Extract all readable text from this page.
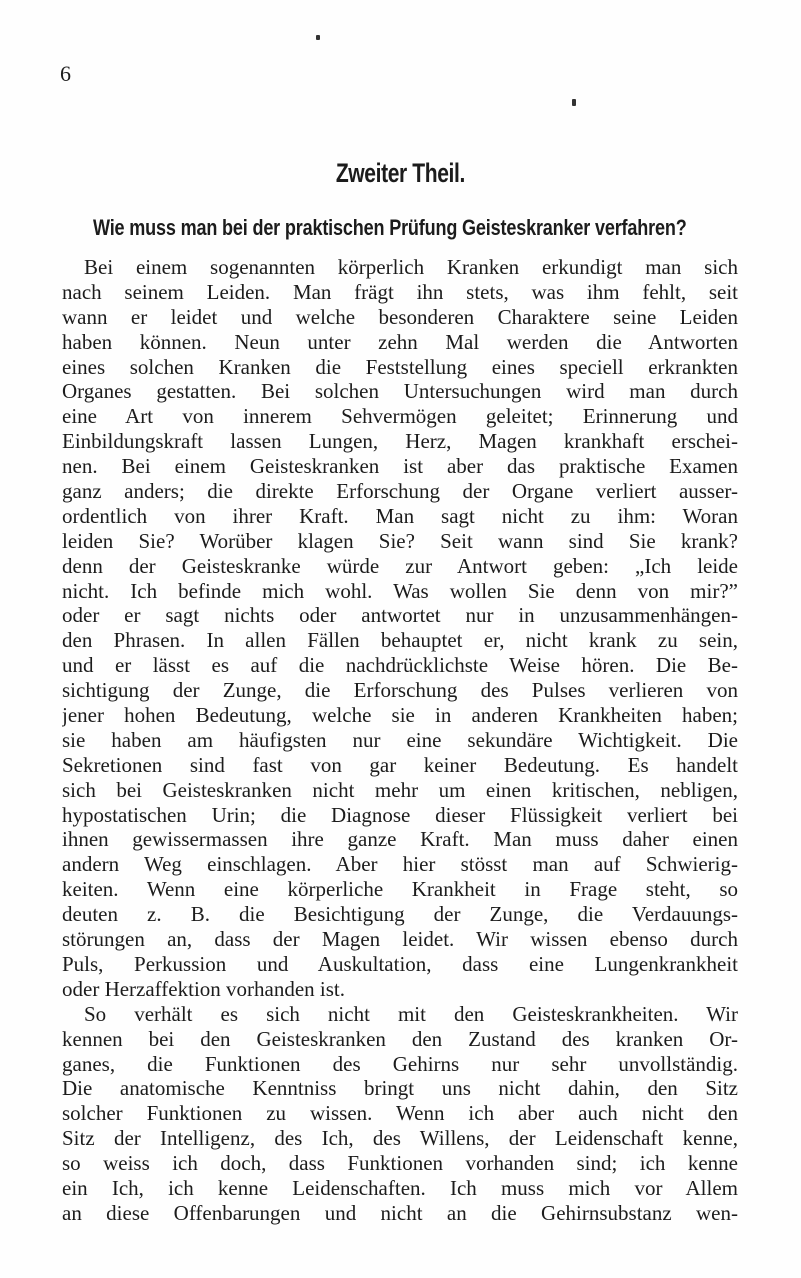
6
Zweiter Theil.
Wie muss man bei der praktischen Prüfung Geisteskranker verfahren?
Bei einem sogenannten körperlich Kranken erkundigt man sich
nach seinem Leiden. Man frägt ihn stets, was ihm fehlt, seit
wann er leidet und welche besonderen Charaktere seine Leiden
haben können. Neun unter zehn Mal werden die Antworten
eines solchen Kranken die Feststellung eines speciell erkrankten
Organes gestatten. Bei solchen Untersuchungen wird man durch
eine Art von innerem Sehvermögen geleitet; Erinnerung und
Einbildungskraft lassen Lungen, Herz, Magen krankhaft erschei-
nen. Bei einem Geisteskranken ist aber das praktische Examen
ganz anders; die direkte Erforschung der Organe verliert ausser-
ordentlich von ihrer Kraft. Man sagt nicht zu ihm: Woran
leiden Sie? Worüber klagen Sie? Seit wann sind Sie krank?
denn der Geisteskranke würde zur Antwort geben: „Ich leide
nicht. Ich befinde mich wohl. Was wollen Sie denn von mir?”
oder er sagt nichts oder antwortet nur in unzusammenhängen-
den Phrasen. In allen Fällen behauptet er, nicht krank zu sein,
und er lässt es auf die nachdrücklichste Weise hören. Die Be-
sichtigung der Zunge, die Erforschung des Pulses verlieren von
jener hohen Bedeutung, welche sie in anderen Krankheiten haben;
sie haben am häufigsten nur eine sekundäre Wichtigkeit. Die
Sekretionen sind fast von gar keiner Bedeutung. Es handelt
sich bei Geisteskranken nicht mehr um einen kritischen, nebligen,
hypostatischen Urin; die Diagnose dieser Flüssigkeit verliert bei
ihnen gewissermassen ihre ganze Kraft. Man muss daher einen
andern Weg einschlagen. Aber hier stösst man auf Schwierig-
keiten. Wenn eine körperliche Krankheit in Frage steht, so
deuten z. B. die Besichtigung der Zunge, die Verdauungs-
störungen an, dass der Magen leidet. Wir wissen ebenso durch
Puls, Perkussion und Auskultation, dass eine Lungenkrankheit
oder Herzaffektion vorhanden ist.
So verhält es sich nicht mit den Geisteskrankheiten. Wir
kennen bei den Geisteskranken den Zustand des kranken Or-
ganes, die Funktionen des Gehirns nur sehr unvollständig.
Die anatomische Kenntniss bringt uns nicht dahin, den Sitz
solcher Funktionen zu wissen. Wenn ich aber auch nicht den
Sitz der Intelligenz, des Ich, des Willens, der Leidenschaft kenne,
so weiss ich doch, dass Funktionen vorhanden sind; ich kenne
ein Ich, ich kenne Leidenschaften. Ich muss mich vor Allem
an diese Offenbarungen und nicht an die Gehirnsubstanz wen-
